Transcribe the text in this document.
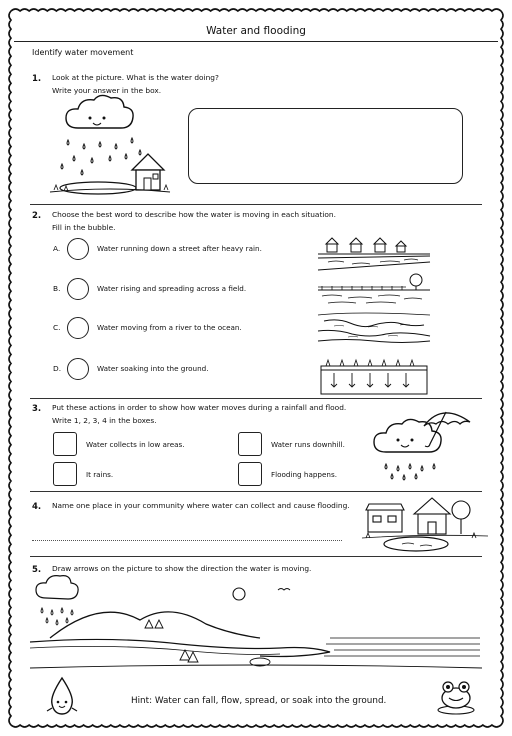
Water and flooding
Identify water movement
1. Look at the picture. What is the water doing?
Write your answer in the box.
2. Choose the best word to describe how the water is moving in each situation.
Fill in the bubble.
A.	Water running down a street after heavy rain.
B.	Water rising and spreading across a field.
C.	Water moving from a river to the ocean.
D.	Water soaking into the ground.
3. Put these actions in order to show how water moves during a rainfall and flood.
Write 1, 2, 3, 4 in the boxes.
Water collects in low areas.	Water runs downhill.
It rains.	Flooding happens.
4. Name one place in your community where water can collect and cause flooding.
5. Draw arrows on the picture to show the direction the water is moving.
Hint: Water can fall, flow, spread, or soak into the ground.
